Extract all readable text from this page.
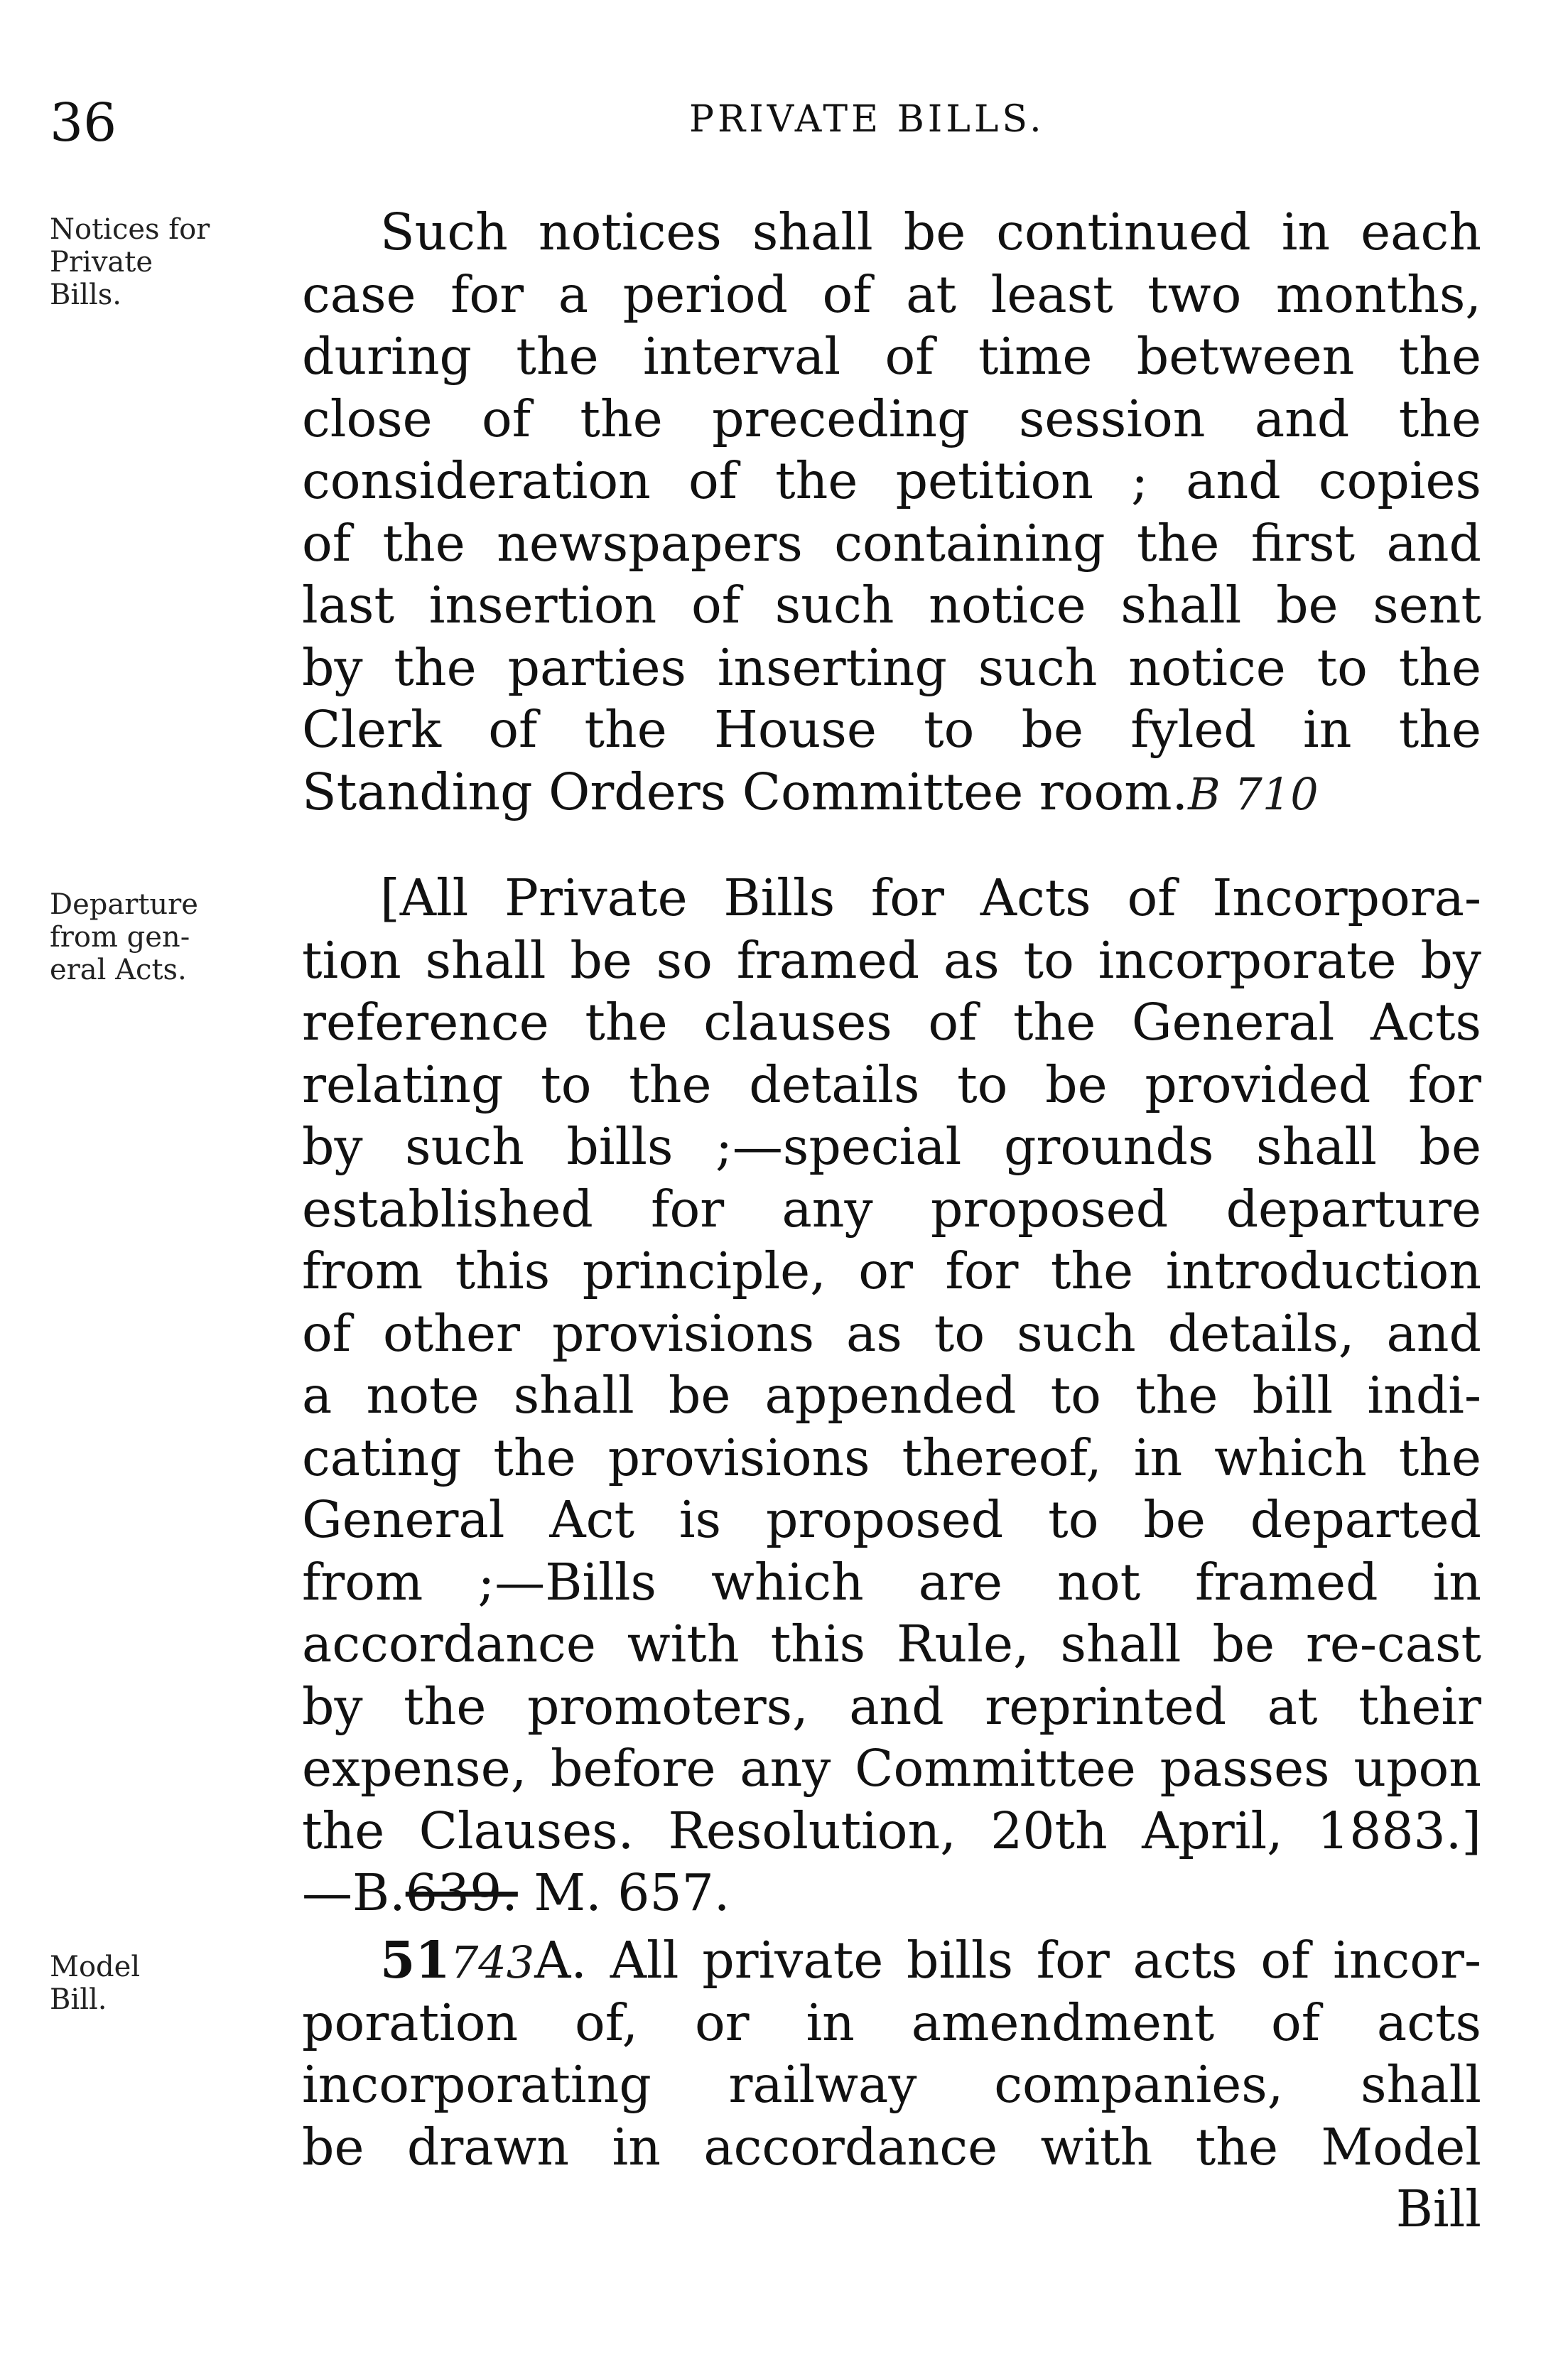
36	PRIVATE BILLS.
Notices for
Private
Bills.
Departure
from gen-
eral Acts.
Model
Bill.
Such notices shall be continued in each
case for a period of at least two months,
during the interval of time between the
close of the preceding session and the
consideration of the petition ; and copies
of the newspapers containing the first and
last insertion of such notice shall be sent
by the parties inserting such notice to the
Clerk of the House to be fyled in the
Standing Orders Committee room.B 710
[All Private Bills for Acts of Incorpora-
tion shall be so framed as to incorporate by
reference the clauses of the General Acts
relating to the details to be provided for
by such bills ;—special grounds shall be
established for any proposed departure
from this principle, or for the introduction
of other provisions as to such details, and
a note shall be appended to the bill indi-
cating the provisions thereof, in which the
General Act is proposed to be departed
from ;—Bills which are not framed in
accordance with this Rule, shall be re-cast
by the promoters, and reprinted at their
expense, before any Committee passes upon
the Clauses. Resolution, 20th April, 1883.]
—B.639. M. 657.
51743A. All private bills for acts of incor-
poration of, or in amendment of acts
incorporating railway companies, shall
be drawn in accordance with the Model
Bill
